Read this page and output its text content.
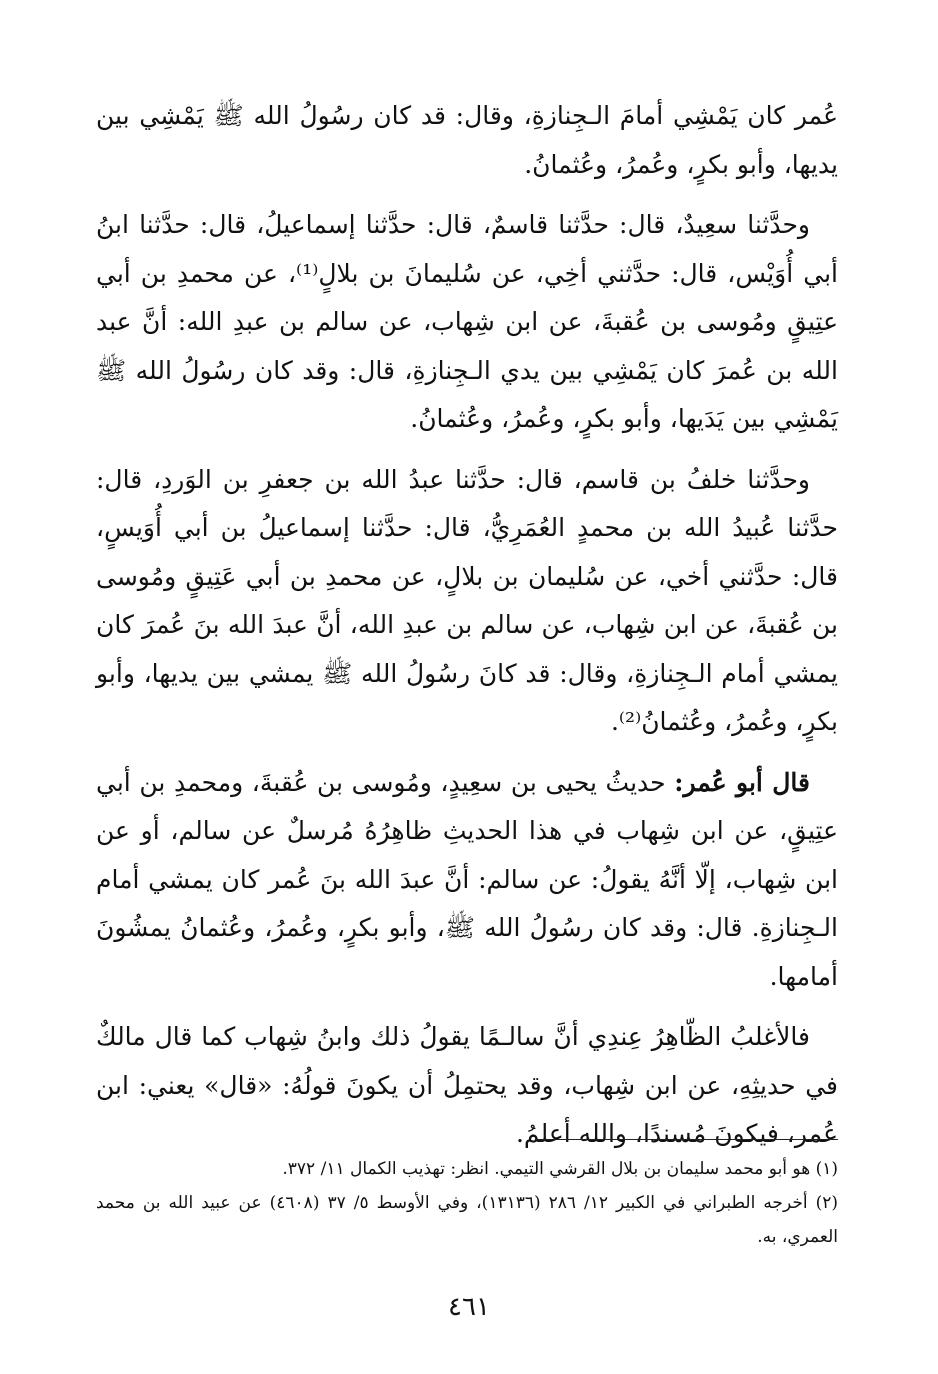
عُمر كان يَمْشِي أمامَ الـجِنازةِ، وقال: قد كان رسُولُ الله ﷺ يَمْشِي بين يديها، وأبو بكرٍ، وعُمرُ، وعُثمانُ.

وحدَّثنا سعِيدٌ، قال: حدَّثنا قاسمٌ، قال: حدَّثنا إسماعيلُ، قال: حدَّثنا ابنُ أبي أُوَيْس، قال: حدَّثني أخِي، عن سُليمانَ بن بلالٍ⁽¹⁾، عن محمدِ بن أبي عتِيقٍ ومُوسى بن عُقبةَ، عن ابن شِهاب، عن سالم بن عبدِ الله: أنَّ عبد الله بن عُمرَ كان يَمْشِي بين يدي الـجِنازةِ، قال: وقد كان رسُولُ الله ﷺ يَمْشِي بين يَدَيها، وأبو بكرٍ، وعُمرُ، وعُثمانُ.

وحدَّثنا خلفُ بن قاسم، قال: حدَّثنا عبدُ الله بن جعفرِ بن الوَردِ، قال: حدَّثنا عُبيدُ الله بن محمدٍ العُمَرِيُّ، قال: حدَّثنا إسماعيلُ بن أبي أُوَيسٍ، قال: حدَّثني أخي، عن سُليمان بن بلالٍ، عن محمدِ بن أبي عَتِيقٍ ومُوسى بن عُقبةَ، عن ابن شِهاب، عن سالم بن عبدِ الله، أنَّ عبدَ الله بنَ عُمرَ كان يمشي أمام الـجِنازةِ، وقال: قد كانَ رسُولُ الله ﷺ يمشي بين يديها، وأبو بكرٍ، وعُمرُ، وعُثمانُ⁽²⁾.

قال أبو عُمر: حديثُ يحيى بن سعِيدٍ، ومُوسى بن عُقبةَ، ومحمدِ بن أبي عتِيقٍ، عن ابن شِهاب في هذا الحديثِ ظاهِرُهُ مُرسلٌ عن سالم، أو عن ابن شِهاب، إلّا أنَّهُ يقولُ: عن سالم: أنَّ عبدَ الله بنَ عُمر كان يمشي أمام الـجِنازةِ. قال: وقد كان رسُولُ الله ﷺ، وأبو بكرٍ، وعُمرُ، وعُثمانُ يمشُونَ أمامها.

فالأغلبُ الظّاهِرُ عِندِي أنَّ سالـمًا يقولُ ذلك وابنُ شِهاب كما قال مالكٌ في حديثِهِ، عن ابن شِهاب، وقد يحتمِلُ أن يكونَ قولُهُ: «قال» يعني: ابن عُمر، فيكونَ مُسندًا، والله أعلمُ.

(١) هو أبو محمد سليمان بن بلال القرشي التيمي. انظر: تهذيب الكمال ١١/ ٣٧٢.

(٢) أخرجه الطبراني في الكبير ١٢/ ٢٨٦ (١٣١٣٦)، وفي الأوسط ٥/ ٣٧ (٤٦٠٨) عن عبيد الله بن محمد العمري، به.

٤٦١
